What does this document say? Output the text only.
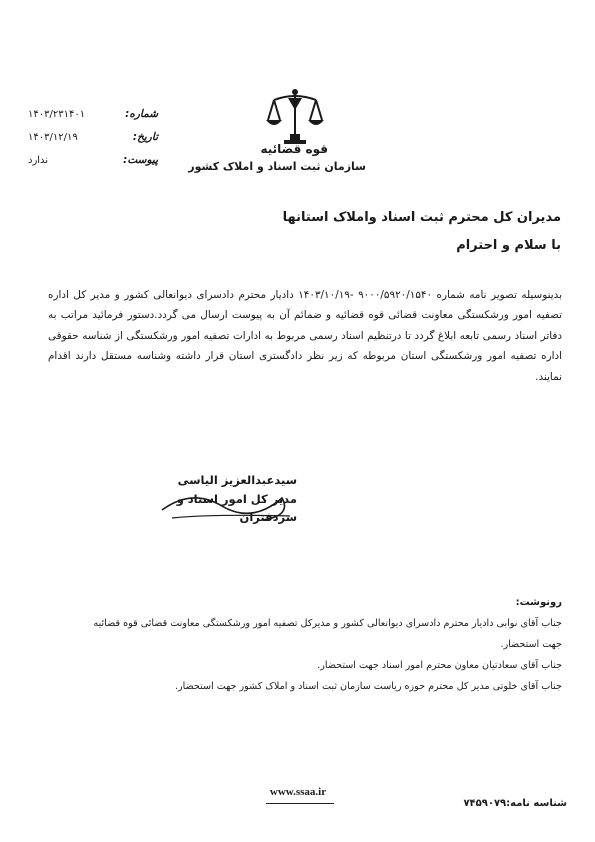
قوه قضائیه
سازمان ثبت اسناد و املاک کشور
۱۴۰۳/۲۳۱۴۰۱	شماره:
۱۴۰۳/۱۲/۱۹	تاریخ:
ندارد	پیوست:
مدیران کل محترم ثبت اسناد واملاک استانها
با سلام و احترام
بدینوسیله تصویر نامه شماره ۹۰۰۰/۵۹۲۰/۱۵۴۰ -۱۴۰۳/۱۰/۱۹ دادیار محترم دادسرای دیوانعالی کشور و مدیر کل اداره تصفیه امور ورشکستگی معاونت قضائی قوه قضائیه و ضمائم آن به پیوست ارسال می گردد.دستور فرمائید مراتب به دفاتر اسناد رسمی تابعه ابلاغ گردد تا درتنظیم اسناد رسمی مربوط به ادارات تصفیه امور ورشکستگی از شناسه حقوقی اداره تصفیه امور ورشکستگی استان مربوطه که زیر نظر دادگستری استان قرار داشته وشناسه مستقل دارند اقدام نمایند.
سیدعبدالعزیز الیاسی
مدیر کل امور اسناد و سردفتران
رونوشت:
جناب آقای نوابی دادیار محترم دادسرای دیوانعالی کشور و مدیرکل تصفیه امور ورشکستگی معاونت قضائی قوه قضائیه جهت استحضار.
جناب آقای سعادتیان معاون محترم امور اسناد جهت استحضار.
جناب آقای خلوتی مدیر کل محترم حوزه ریاست سازمان ثبت اسناد و املاک کشور جهت استحضار.
www.ssaa.ir
شناسه نامه:۷۴۵۹۰۷۹
